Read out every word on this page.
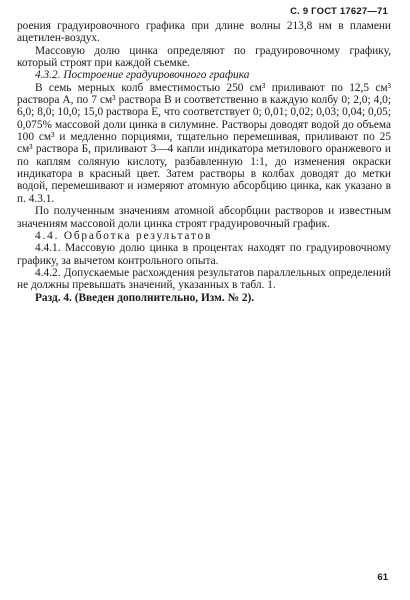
С. 9 ГОСТ 17627—71

роения градуировочного графика при длине волны 213,8 нм в пламени ацетилен-воздух.

Массовую долю цинка определяют по градуировочному графику, который строят при каждой съемке.

4.3.2. Построение градуировочного графика

В семь мерных колб вместимостью 250 см³ приливают по 12,5 см³ раствора А, по 7 см³ раствора В и соответственно в каждую колбу 0; 2,0; 4,0; 6,0; 8,0; 10,0; 15,0 раствора Е, что соответствует 0; 0,01; 0,02; 0,03; 0,04; 0,05; 0,075% массовой доли цинка в силумине. Растворы доводят водой до объема 100 см³ и медленно порциями, тщательно перемешивая, приливают по 25 см³ раствора Б, приливают 3—4 капли индикатора метилового оранжевого и по каплям соляную кислоту, разбавленную 1:1, до изменения окраски индикатора в красный цвет. Затем растворы в колбах доводят до метки водой, перемешивают и измеряют атомную абсорбцию цинка, как указано в п. 4.3.1.

По полученным значениям атомной абсорбции растворов и известным значениям массовой доли цинка строят градуировочный график.

4.4. Обработка результатов

4.4.1. Массовую долю цинка в процентах находят по градуировочному графику, за вычетом контрольного опыта.

4.4.2. Допускаемые расхождения результатов параллельных определений не должны превышать значений, указанных в табл. 1.

Разд. 4. (Введен дополнительно, Изм. № 2).

61
